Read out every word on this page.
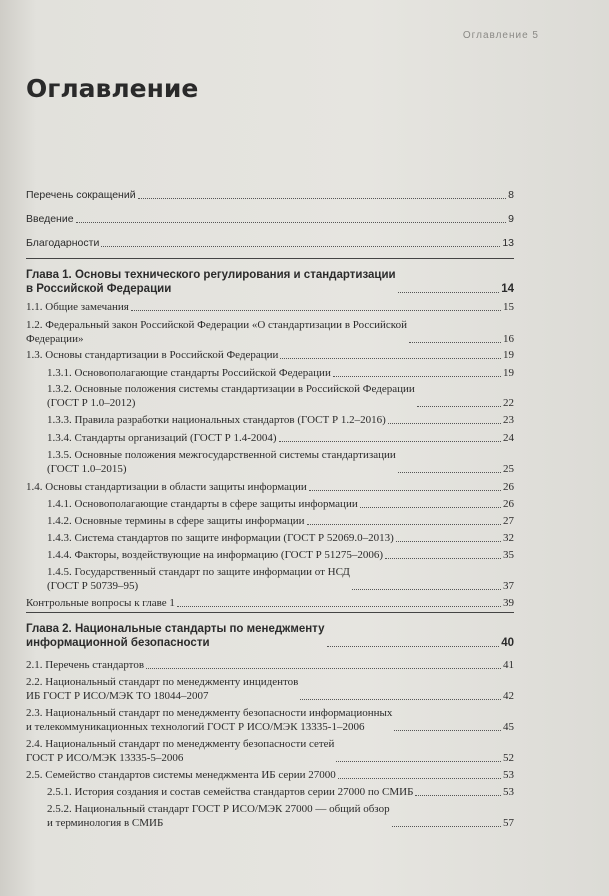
Оглавление 5
Оглавление
Перечень сокращений	8
Введение	9
Благодарности	13
Глава 1. Основы технического регулирования и стандартизации
в Российской Федерации	14
1.1. Общие замечания	15
1.2. Федеральный закон Российской Федерации «О стандартизации в Российской
Федерации»	16
1.3. Основы стандартизации в Российской Федерации	19
1.3.1. Основополагающие стандарты Российской Федерации	19
1.3.2. Основные положения системы стандартизации в Российской Федерации
(ГОСТ Р 1.0–2012)	22
1.3.3. Правила разработки национальных стандартов (ГОСТ Р 1.2–2016)	23
1.3.4. Стандарты организаций (ГОСТ Р 1.4-2004)	24
1.3.5. Основные положения межгосударственной системы стандартизации
(ГОСТ 1.0–2015)	25
1.4. Основы стандартизации в области защиты информации	26
1.4.1. Основополагающие стандарты в сфере защиты информации	26
1.4.2. Основные термины в сфере защиты информации	27
1.4.3. Система стандартов по защите информации (ГОСТ Р 52069.0–2013)	32
1.4.4. Факторы, воздействующие на информацию (ГОСТ Р 51275–2006)	35
1.4.5. Государственный стандарт по защите информации от НСД
(ГОСТ Р 50739–95)	37
Контрольные вопросы к главе 1	39
Глава 2. Национальные стандарты по менеджменту
информационной безопасности	40
2.1. Перечень стандартов	41
2.2. Национальный стандарт по менеджменту инцидентов
ИБ ГОСТ Р ИСО/МЭК ТО 18044–2007	42
2.3. Национальный стандарт по менеджменту безопасности информационных
и телекоммуникационных технологий ГОСТ Р ИСО/МЭК 13335-1–2006	45
2.4. Национальный стандарт по менеджменту безопасности сетей
ГОСТ Р ИСО/МЭК 13335-5–2006	52
2.5. Семейство стандартов системы менеджмента ИБ серии 27000	53
2.5.1. История создания и состав семейства стандартов серии 27000 по СМИБ	53
2.5.2. Национальный стандарт ГОСТ Р ИСО/МЭК 27000 — общий обзор
и терминология в СМИБ	57
